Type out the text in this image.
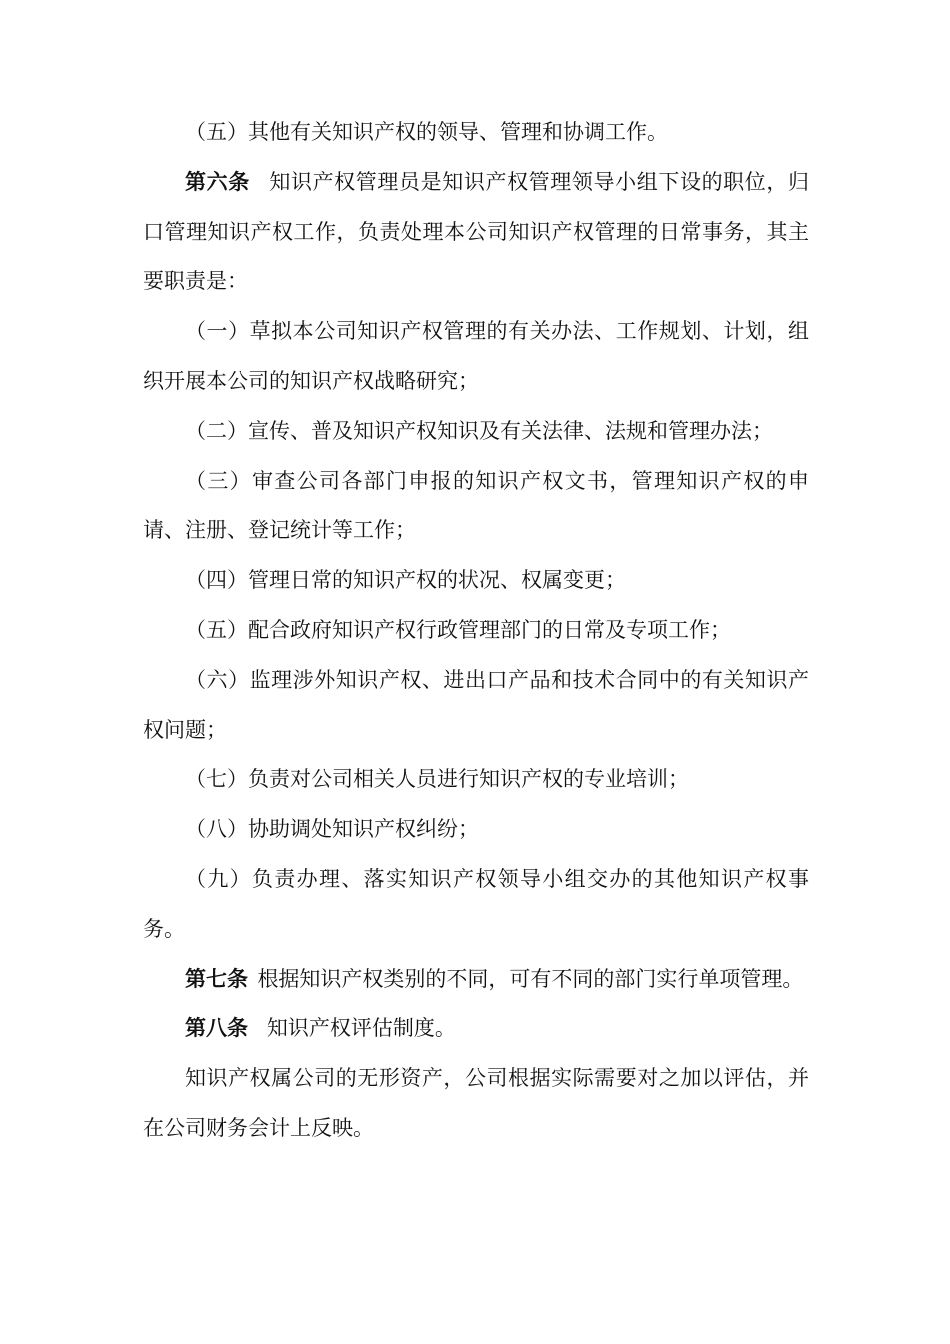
（五）其他有关知识产权的领导、管理和协调工作。

第六条 知识产权管理员是知识产权管理领导小组下设的职位，归口管理知识产权工作，负责处理本公司知识产权管理的日常事务，其主要职责是：

（一）草拟本公司知识产权管理的有关办法、工作规划、计划，组织开展本公司的知识产权战略研究；

（二）宣传、普及知识产权知识及有关法律、法规和管理办法；

（三）审查公司各部门申报的知识产权文书，管理知识产权的申请、注册、登记统计等工作；

（四）管理日常的知识产权的状况、权属变更；

（五）配合政府知识产权行政管理部门的日常及专项工作；

（六）监理涉外知识产权、进出口产品和技术合同中的有关知识产权问题；

（七）负责对公司相关人员进行知识产权的专业培训；

（八）协助调处知识产权纠纷；

（九）负责办理、落实知识产权领导小组交办的其他知识产权事务。

第七条 根据知识产权类别的不同，可有不同的部门实行单项管理。

第八条 知识产权评估制度。

知识产权属公司的无形资产，公司根据实际需要对之加以评估，并在公司财务会计上反映。
